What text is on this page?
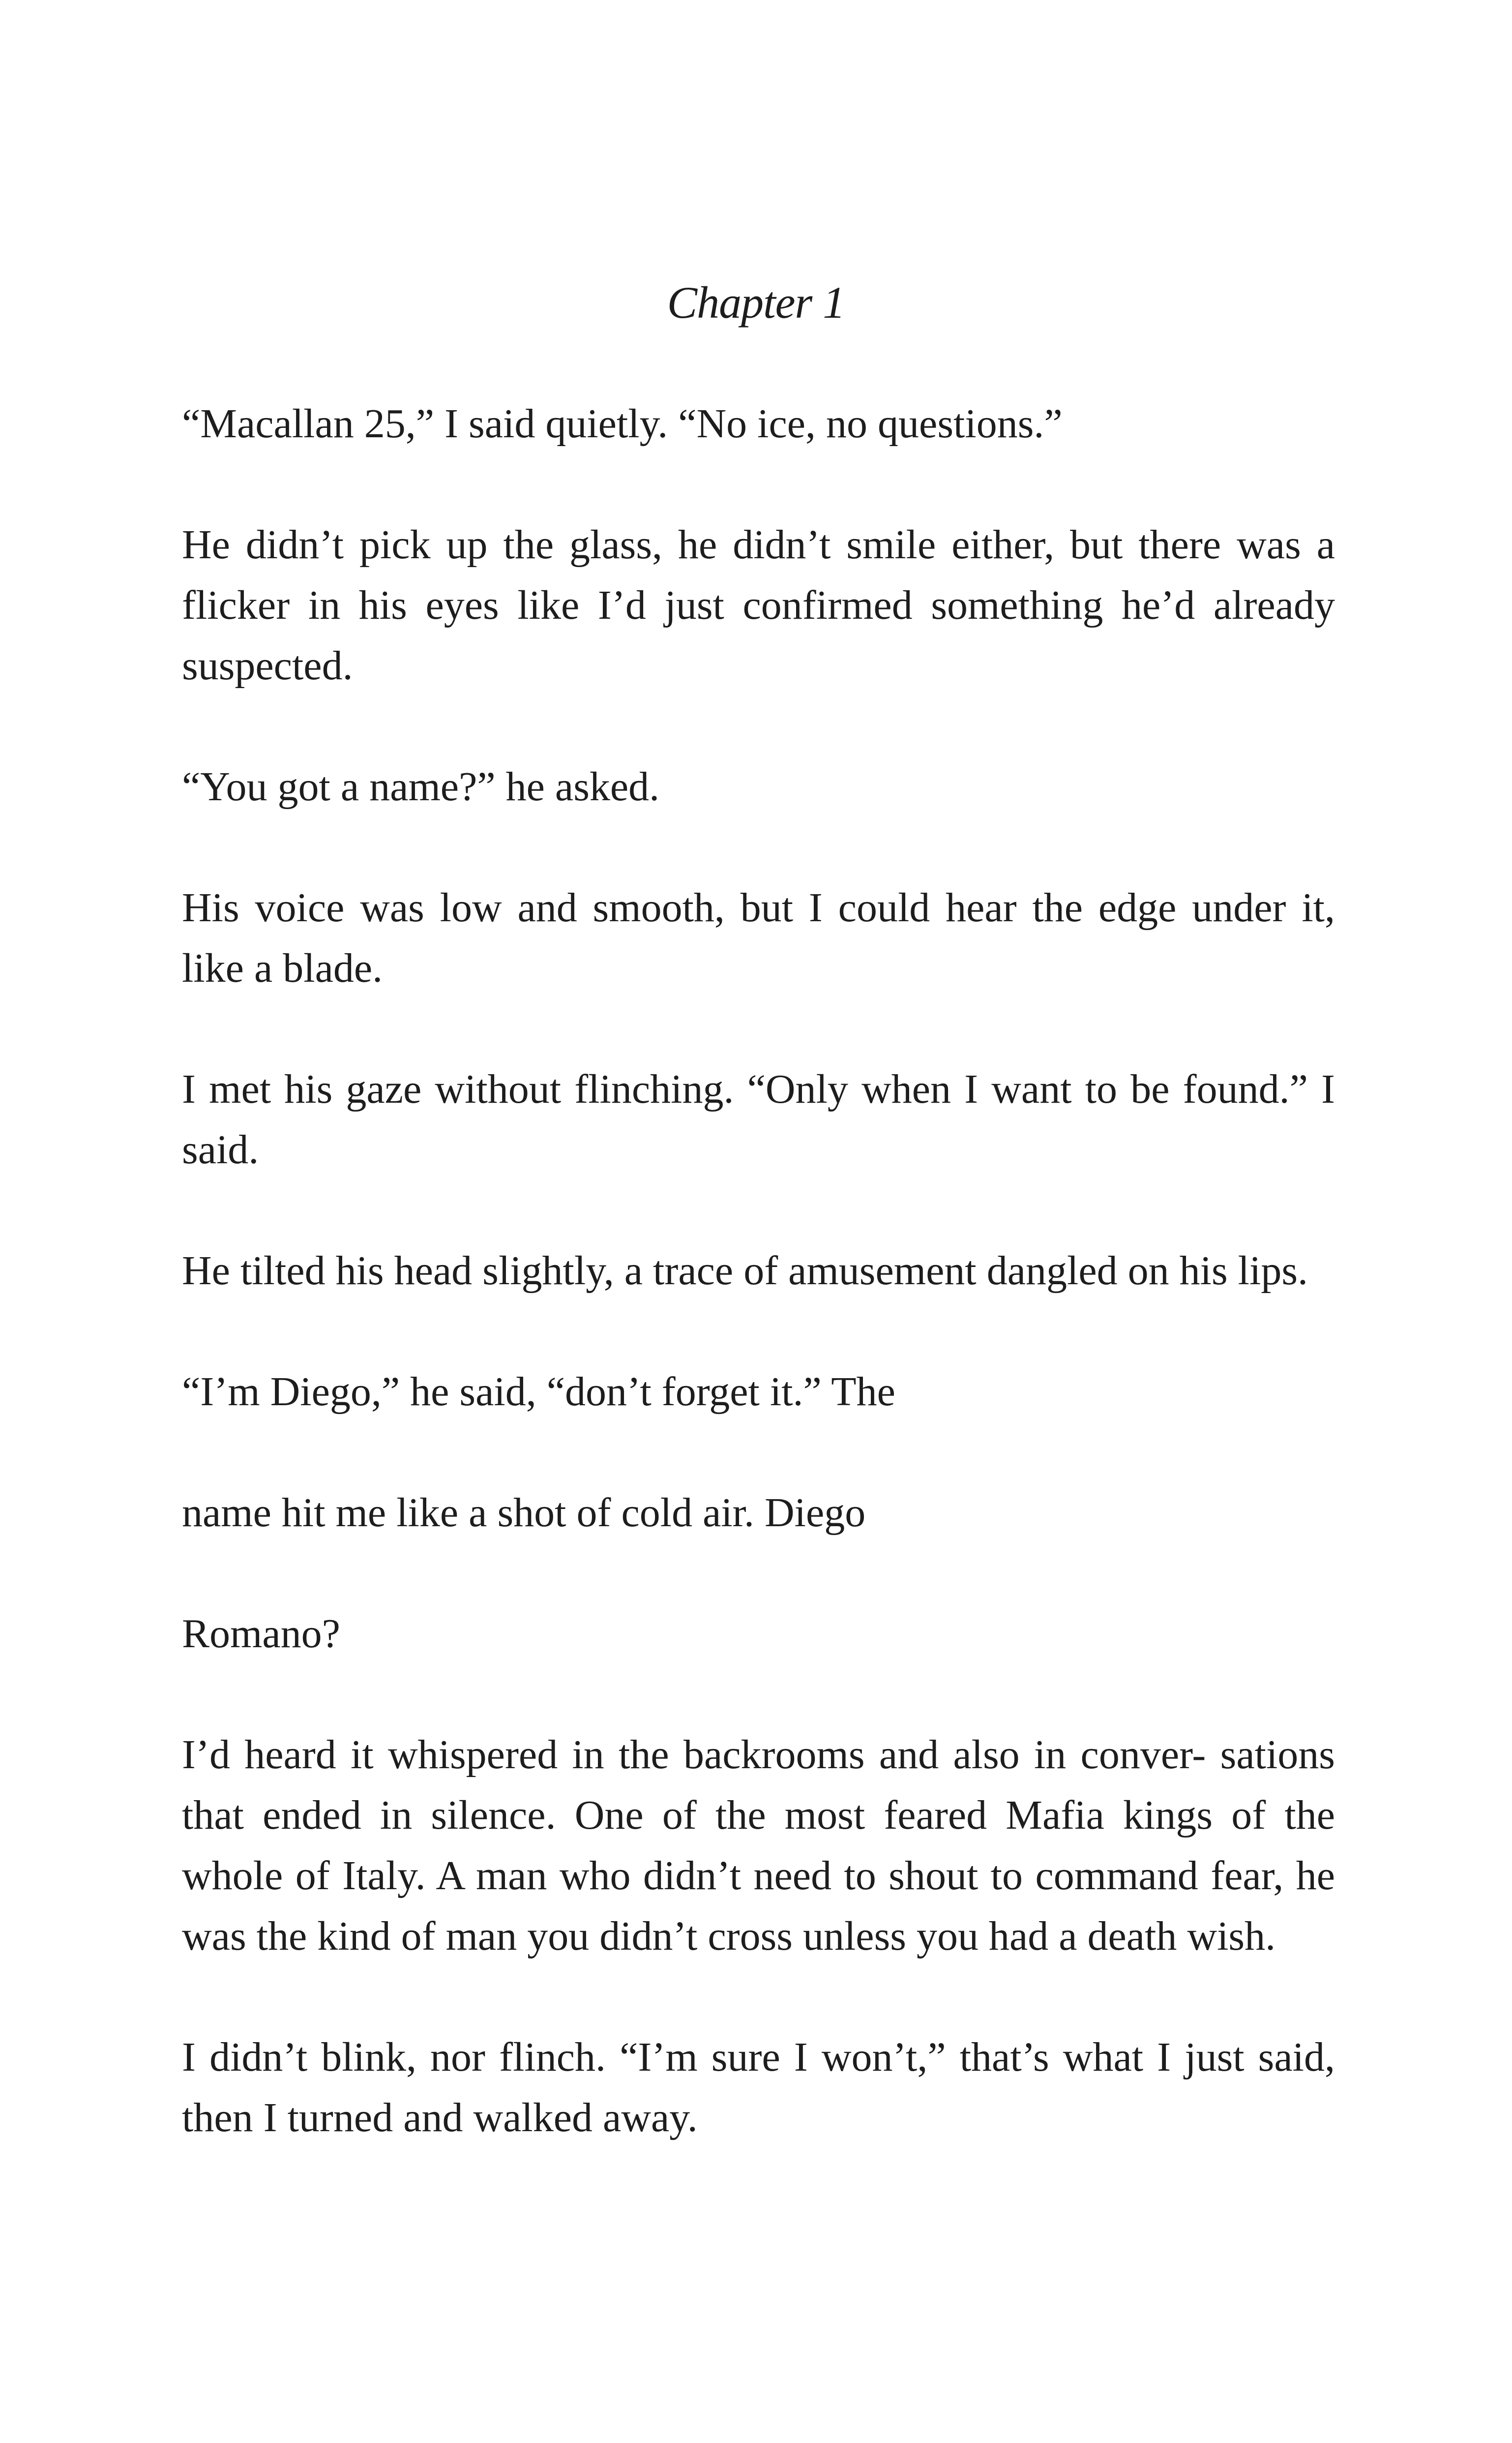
Chapter 1

“Macallan 25,” I said quietly. “No ice, no questions.”

He didn’t pick up the glass, he didn’t smile either, but there was a flicker in his eyes like I’d just confirmed something he’d already suspected.

“You got a name?” he asked.

His voice was low and smooth, but I could hear the edge under it, like a blade.

I met his gaze without flinching. “Only when I want to be found.” I said.

He tilted his head slightly, a trace of amusement dangled on his lips.

“I’m Diego,” he said, “don’t forget it.” The

name hit me like a shot of cold air. Diego

Romano?

I’d heard it whispered in the backrooms and also in conver- sations that ended in silence. One of the most feared Mafia kings of the whole of Italy. A man who didn’t need to shout to command fear, he was the kind of man you didn’t cross unless you had a death wish.

I didn’t blink, nor flinch. “I’m sure I won’t,” that’s what I just said, then I turned and walked away.
